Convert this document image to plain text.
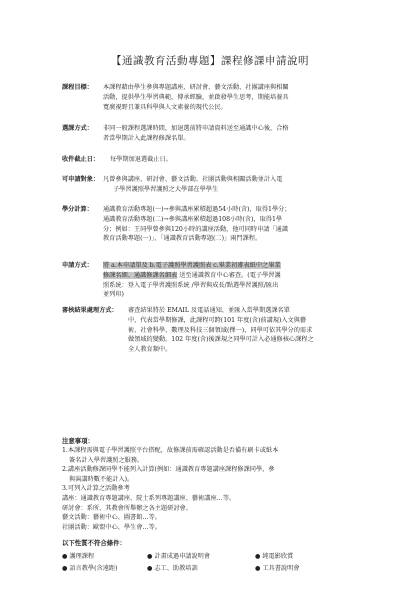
【通識教育活動專題】課程修課申請說明
課程目標： 本課程藉由學生參與專題講座、研討會、藝文活動、社團講座與相關
活動，提供學生學習典範，傳承經驗，並啟發學生思考，期能培養具
寬廣視野且兼具科學與人文素養的現代公民。
選課方式： 非同一般課程選課時間，加退選前將申請資料送至通識中心後，合格
者當學期計入此課程修課名單。
收件截止日： 每學期加退選截止日。
可申請對象： 凡曾參與講座、研討會、藝文活動、社團活動與相關活動並計入電
子學習護照學習護照之大學部在學學生
學分計算： 通識教育活動專題(一)→參與講座累積超過54小時(含)，取得1學分；
通識教育活動專題(二)→參與講座累積超過108小時(含)，取得1學
分；例如：王同學曾參與120小時的講座活動，他可同時申請「通識
教育活動專題(一)」、「通識教育活動專題(二)」兩門課程。
申請方式： 將 a.本申請單及 b.電子護照學習護照表 c.畢業初審表紙中之畢業
修課名細、通識修課名細表 送至通識教育中心審查。(電子學習護
照系統：登入電子學習護照系統 /學習與成長/點選學習護照/匯出
並列印)
審核結果處理方式： 審查結果將於 EMAIL 及電話通知，並匯入當學期選課名單
中，代表當學期修課，此課程可跨(101 年度(含)前講規)入文與藝
術、社會科學、數理及科技三個領域(擇一)，同學可依其學分的需求
做領域的變動。102 年度(含)後課規之同學可計入必通修核心課程之
全人教育類中。
注意事項：
1.本課程需與電子學習護照平台搭配，故修課前需確認活動是否備有刷卡或紙本
簽名計入學習護照之服務。
2.講座活動修課同學不能列入計算(例如：通識教育專題講座課程修課同學，參
與演講時數不能計入)。
3.可列入計算之活動參考
講座：通識教育專題講座、院士系列專題講座、藝術講座…等。
研討會：系所、其教會所舉辦之各主題研討會。
藝文活動：藝術中心、圖書館…等。
社團活動：歐盟中心、學生會…等。
以下性質不符合條件：
● 護理課程	● 計畫成過申請說明會	● 純電影欣賞
● 語言教學(含遠距)	● 志工、助教培訓	● 工具書說明會
